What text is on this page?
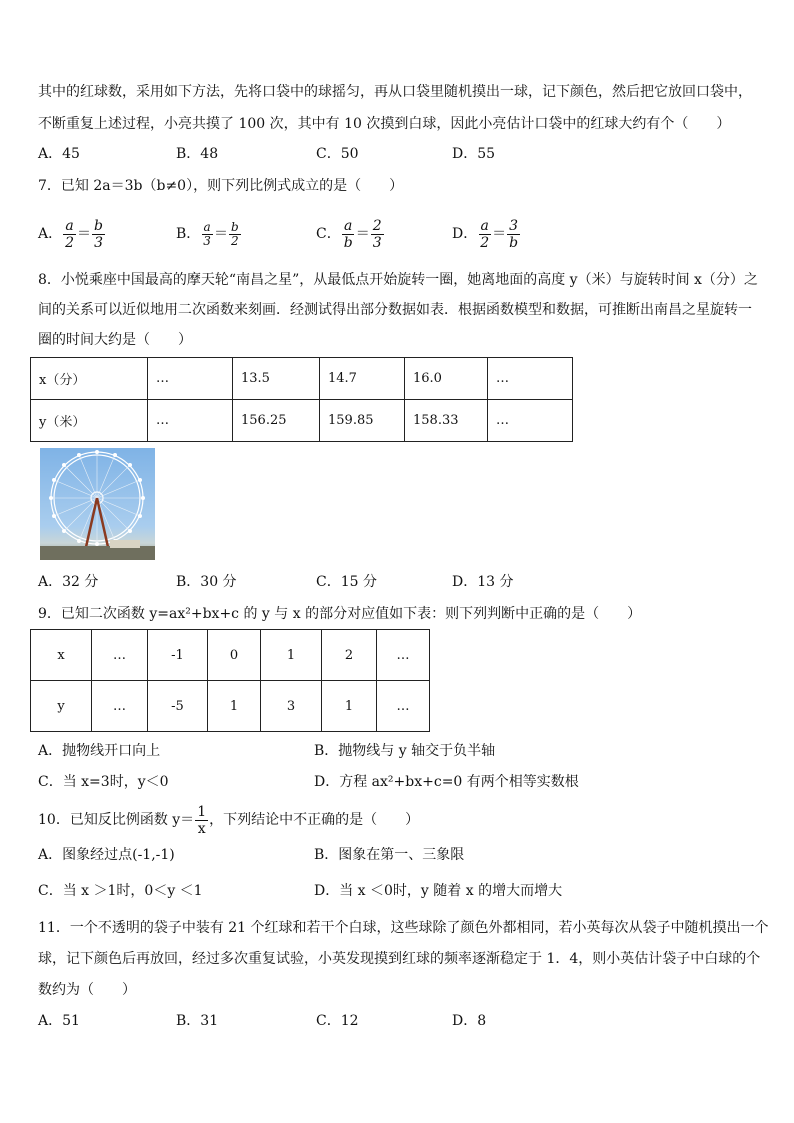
其中的红球数，采用如下方法，先将口袋中的球摇匀，再从口袋里随机摸出一球，记下颜色，然后把它放回口袋中，
不断重复上述过程，小亮共摸了 100 次，其中有 10 次摸到白球，因此小亮估计口袋中的红球大约有个（　　）
A．45	B．48	C．50	D．55
7．已知 2a＝3b（b≠0），则下列比例式成立的是（　　）
A． $\frac{a}{2} = \frac{b}{3}$	B． $\frac{a}{3} = \frac{b}{2}$	C． $\frac{a}{b} = \frac{2}{3}$	D． $\frac{a}{2} = \frac{3}{b}$
8．小悦乘座中国最高的摩天轮“南昌之星”，从最低点开始旋转一圈，她离地面的高度 y（米）与旋转时间 x（分）之
间的关系可以近似地用二次函数来刻画．经测试得出部分数据如表．根据函数模型和数据，可推断出南昌之星旋转一
圈的时间大约是（　　）
x（分）	…	13.5	14.7	16.0	…
y（米）	…	156.25	159.85	158.33	…
A．32 分	B．30 分	C．15 分	D．13 分
9．已知二次函数 y=ax²+bx+c 的 y 与 x 的部分对应值如下表：则下列判断中正确的是（　　）
x	…	-1	0	1	2	…
y	…	-5	1	3	1	…
A．抛物线开口向上	B．抛物线与 y 轴交于负半轴
C．当 x=3时，y＜0	D．方程 ax²+bx+c=0 有两个相等实数根
10．已知反比例函数 $y= \frac{1}{x}$ ，下列结论中不正确的是（　　）
A．图象经过点(-1,-1)	B．图象在第一、三象限
C．当 x ＞1时，0＜y ＜1	D．当 x ＜0时，y 随着 x 的增大而增大
11．一个不透明的袋子中装有 21 个红球和若干个白球，这些球除了颜色外都相同，若小英每次从袋子中随机摸出一个
球，记下颜色后再放回，经过多次重复试验，小英发现摸到红球的频率逐渐稳定于 1．4，则小英估计袋子中白球的个
数约为（　　）
A．51	B．31	C．12	D．8
